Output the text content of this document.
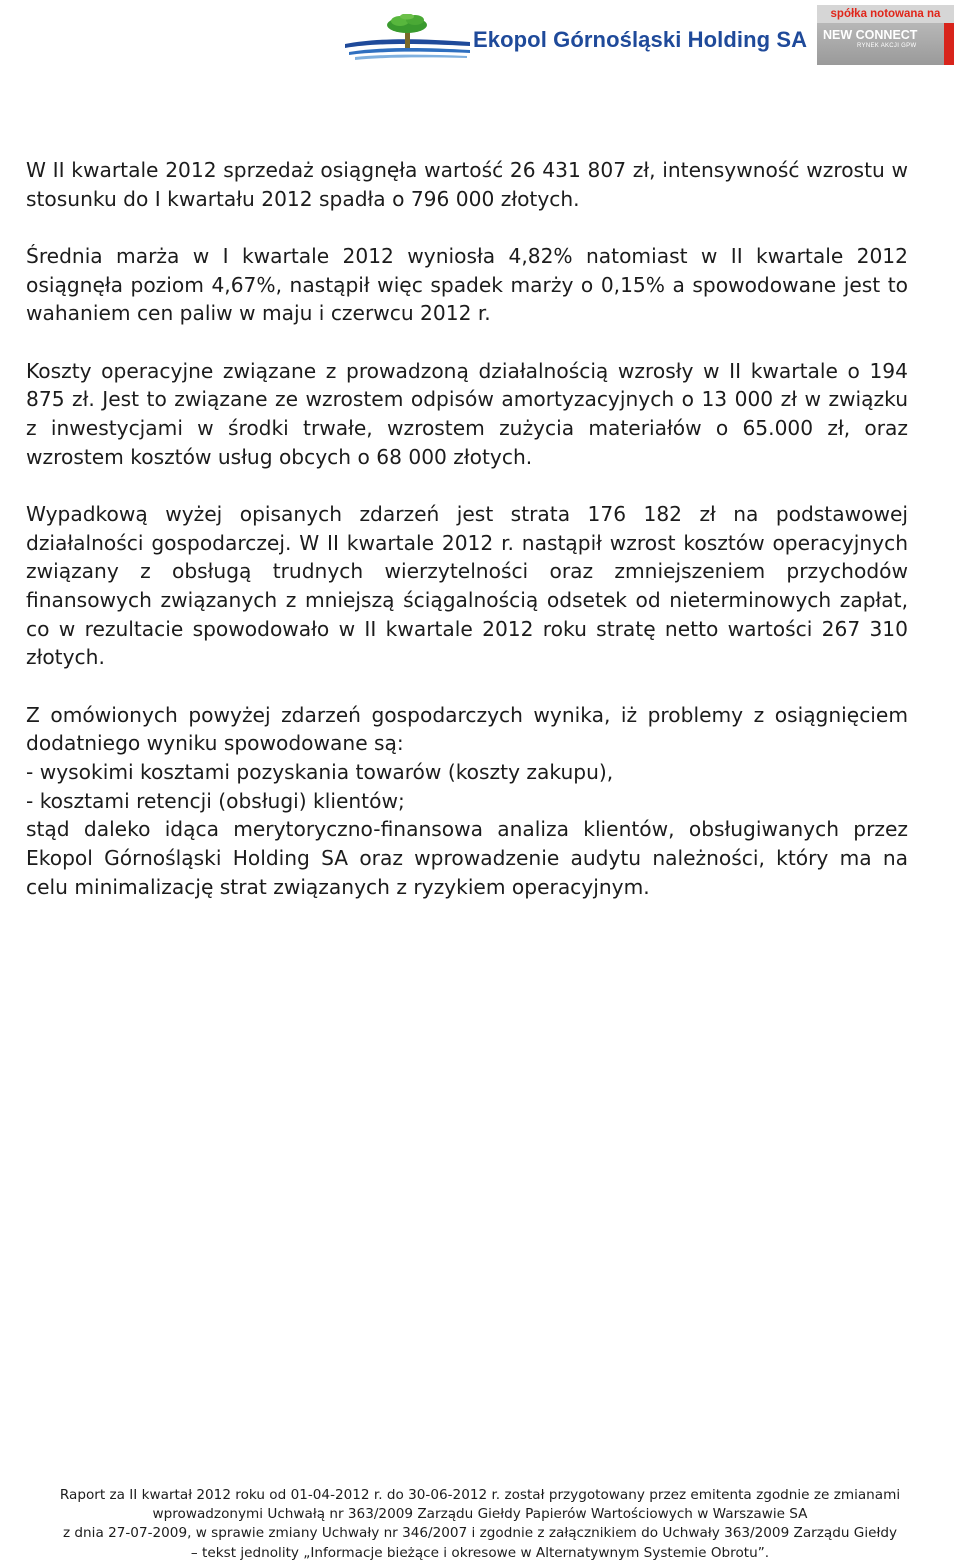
Ekopol Górnośląski Holding SA
spółka notowana na
NEW CONNECT
RYNEK AKCJI GPW

W II kwartale 2012 sprzedaż osiągnęła wartość 26 431 807 zł, intensywność wzrostu w stosunku do I kwartału 2012 spadła o 796 000 złotych.

Średnia marża w I kwartale 2012 wyniosła 4,82% natomiast w II kwartale 2012 osiągnęła poziom 4,67%, nastąpił więc spadek marży o 0,15% a spowodowane jest to wahaniem cen paliw w maju i czerwcu 2012 r.

Koszty operacyjne związane z prowadzoną działalnością wzrosły w II kwartale o 194 875 zł. Jest to związane ze wzrostem odpisów amortyzacyjnych o 13 000 zł w związku z inwestycjami w środki trwałe, wzrostem zużycia materiałów o 65.000 zł, oraz wzrostem kosztów usług obcych o 68 000 złotych.

Wypadkową wyżej opisanych zdarzeń jest strata 176 182 zł na podstawowej działalności gospodarczej. W II kwartale 2012 r. nastąpił wzrost kosztów operacyjnych związany z obsługą trudnych wierzytelności oraz zmniejszeniem przychodów finansowych związanych z mniejszą ściągalnością odsetek od nieterminowych zapłat, co w rezultacie spowodowało w II kwartale 2012 roku stratę netto wartości 267 310 złotych.

Z omówionych powyżej zdarzeń gospodarczych wynika, iż problemy z osiągnięciem dodatniego wyniku spowodowane są:
- wysokimi kosztami pozyskania towarów (koszty zakupu),
- kosztami retencji (obsługi) klientów;
stąd daleko idąca merytoryczno-finansowa analiza klientów, obsługiwanych przez Ekopol Górnośląski Holding SA oraz wprowadzenie audytu należności, który ma na celu minimalizację strat związanych z ryzykiem operacyjnym.

Raport za II kwartał 2012 roku od 01-04-2012 r. do 30-06-2012 r. został przygotowany przez emitenta zgodnie ze zmianami
wprowadzonymi Uchwałą nr 363/2009 Zarządu Giełdy Papierów Wartościowych w Warszawie SA
z dnia 27-07-2009, w sprawie zmiany Uchwały nr 346/2007 i zgodnie z załącznikiem do Uchwały 363/2009 Zarządu Giełdy
– tekst jednolity „Informacje bieżące i okresowe w Alternatywnym Systemie Obrotu”.
